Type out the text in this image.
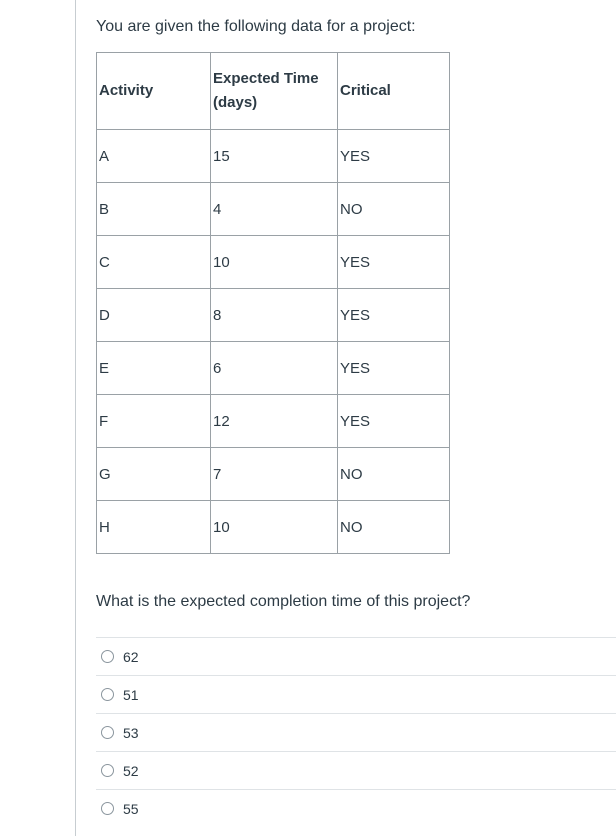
You are given the following data for a project:
Activity	Expected Time (days)	Critical
A	15	YES
B	4	NO
C	10	YES
D	8	YES
E	6	YES
F	12	YES
G	7	NO
H	10	NO
What is the expected completion time of this project?
62
51
53
52
55
